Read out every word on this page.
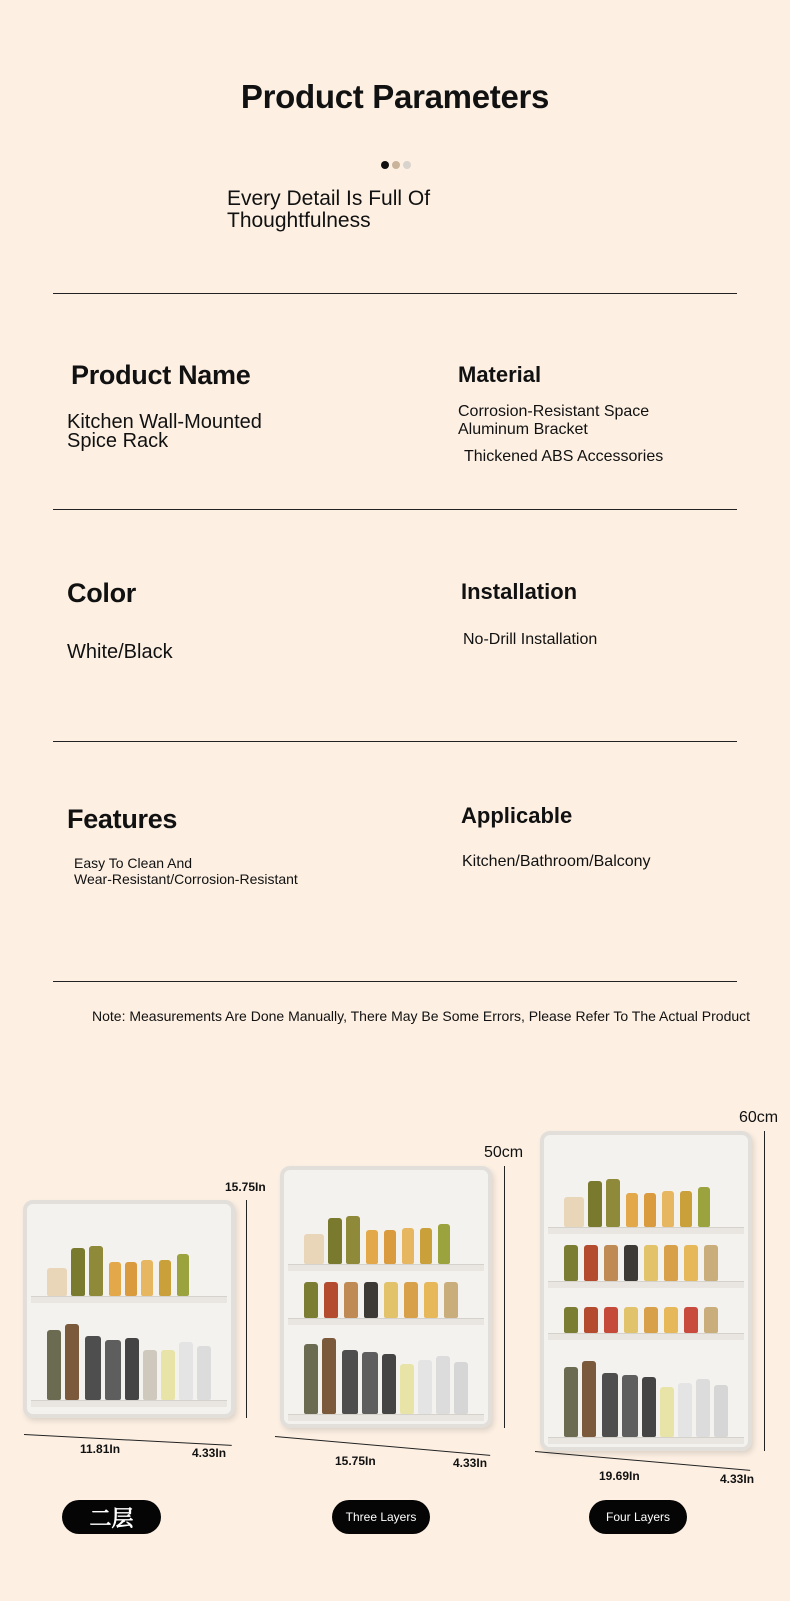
Product Parameters
Every Detail Is Full Of
Thoughtfulness
Product Name
Kitchen Wall-Mounted
Spice Rack
Material
Corrosion-Resistant Space
Aluminum Bracket
Thickened ABS Accessories
Color
White/Black
Installation
No-Drill Installation
Features
Easy To Clean And
Wear-Resistant/Corrosion-Resistant
Applicable
Kitchen/Bathroom/Balcony
Note: Measurements Are Done Manually, There May Be Some Errors, Please Refer To The Actual Product
15.75In
11.81In	4.33In
二层
50cm
15.75In	4.33In
Three Layers
60cm
19.69In	4.33In
Four Layers
